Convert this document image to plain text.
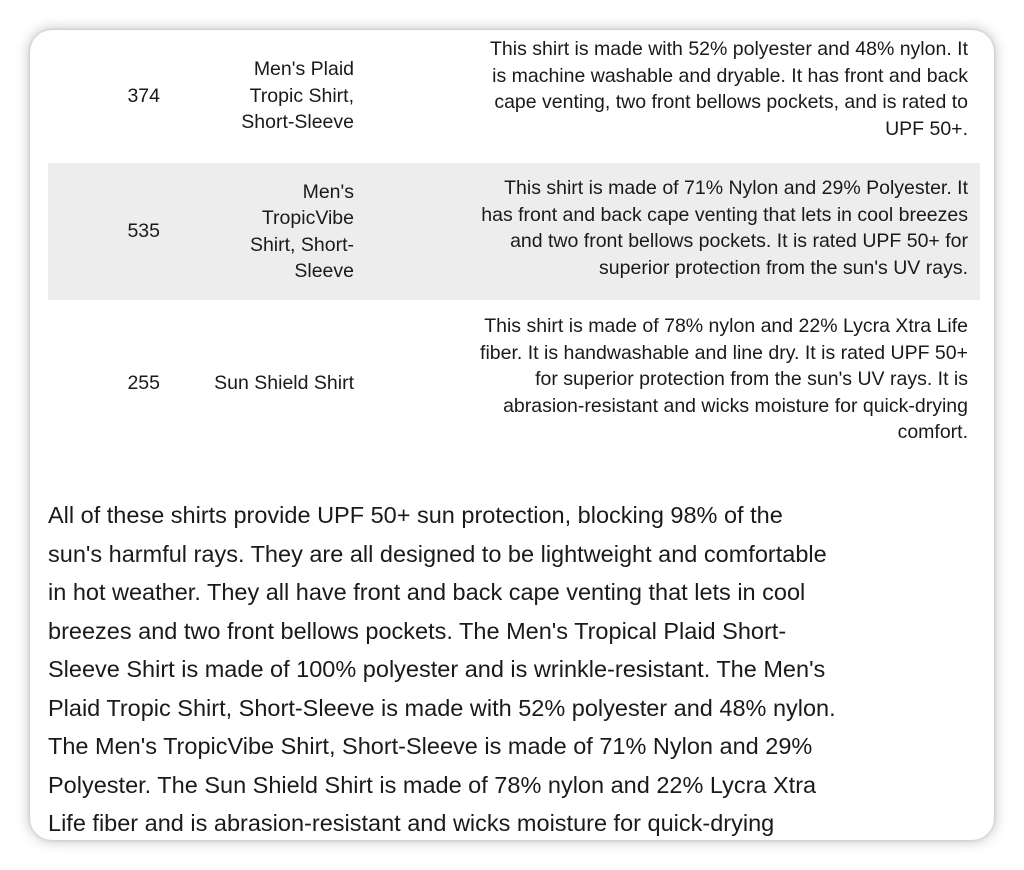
374
Men's Plaid
Tropic Shirt,
Short-Sleeve
This shirt is made with 52% polyester and 48% nylon. It
is machine washable and dryable. It has front and back
cape venting, two front bellows pockets, and is rated to
UPF 50+.
535
Men's
TropicVibe
Shirt, Short-
Sleeve
This shirt is made of 71% Nylon and 29% Polyester. It
has front and back cape venting that lets in cool breezes
and two front bellows pockets. It is rated UPF 50+ for
superior protection from the sun's UV rays.
255	Sun Shield Shirt
This shirt is made of 78% nylon and 22% Lycra Xtra Life
fiber. It is handwashable and line dry. It is rated UPF 50+
for superior protection from the sun's UV rays. It is
abrasion-resistant and wicks moisture for quick-drying
comfort.
All of these shirts provide UPF 50+ sun protection, blocking 98% of the
sun's harmful rays. They are all designed to be lightweight and comfortable
in hot weather. They all have front and back cape venting that lets in cool
breezes and two front bellows pockets. The Men's Tropical Plaid Short-
Sleeve Shirt is made of 100% polyester and is wrinkle-resistant. The Men's
Plaid Tropic Shirt, Short-Sleeve is made with 52% polyester and 48% nylon.
The Men's TropicVibe Shirt, Short-Sleeve is made of 71% Nylon and 29%
Polyester. The Sun Shield Shirt is made of 78% nylon and 22% Lycra Xtra
Life fiber and is abrasion-resistant and wicks moisture for quick-drying
